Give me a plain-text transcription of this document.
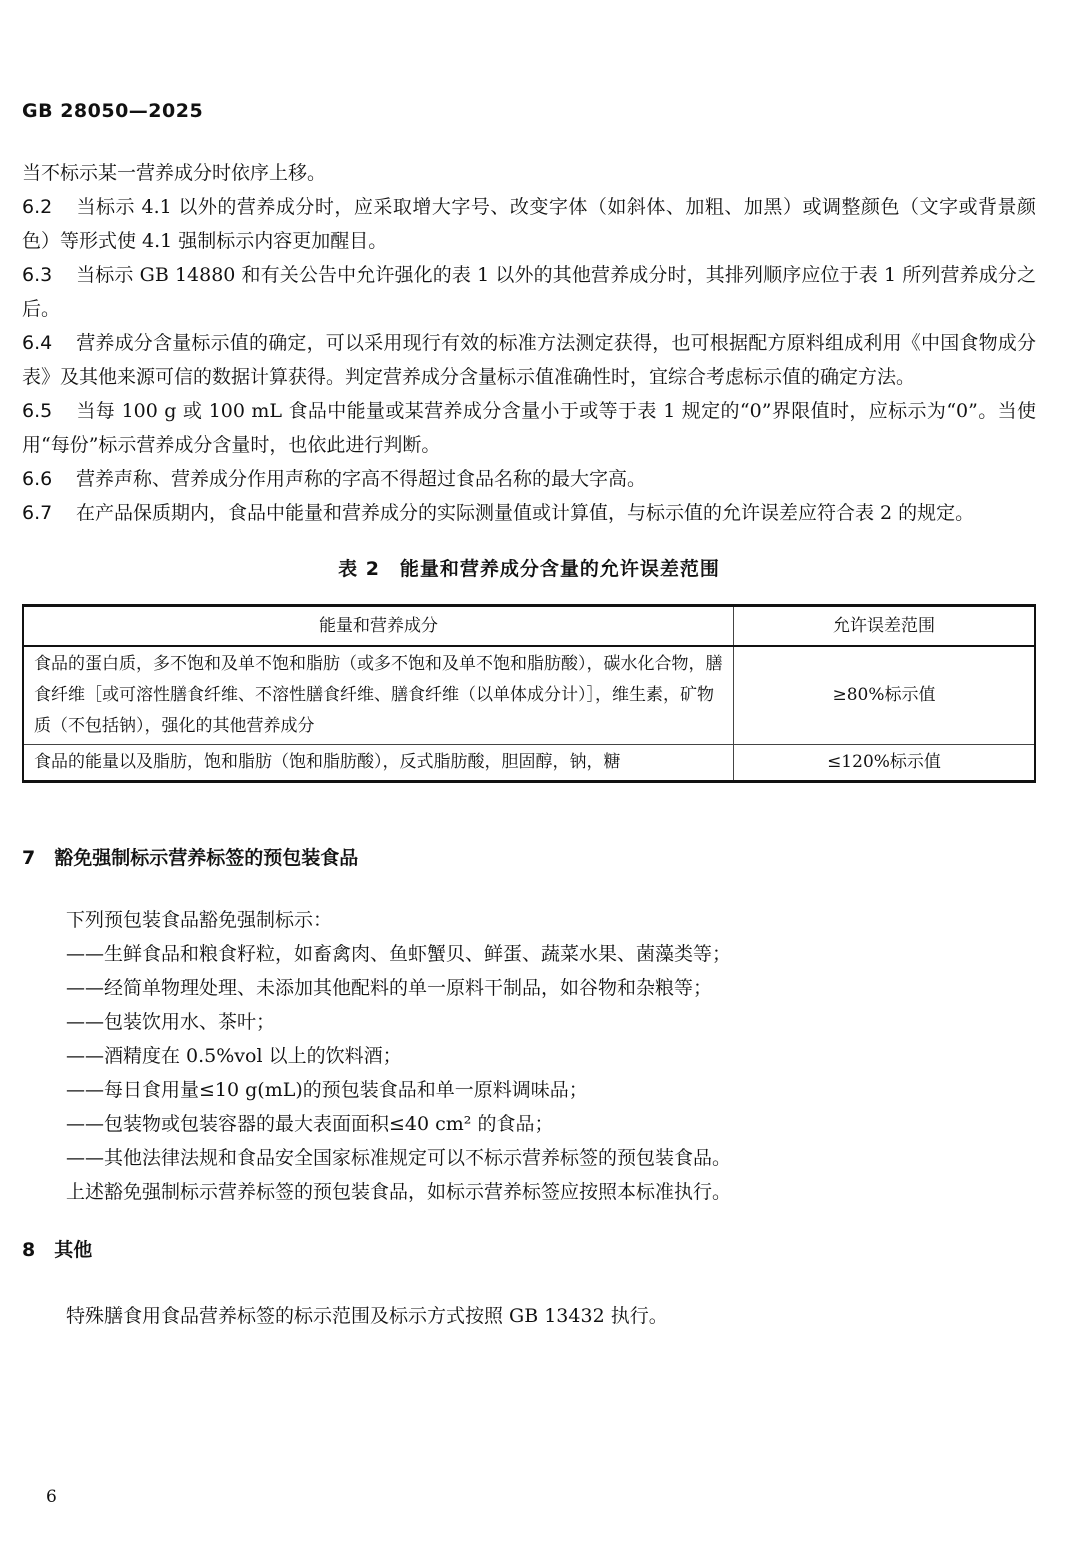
GB 28050—2025

当不标示某一营养成分时依序上移。

6.2 当标示 4.1 以外的营养成分时，应采取增大字号、改变字体（如斜体、加粗、加黑）或调整颜色（文字或背景颜色）等形式使 4.1 强制标示内容更加醒目。

6.3 当标示 GB 14880 和有关公告中允许强化的表 1 以外的其他营养成分时，其排列顺序应位于表 1 所列营养成分之后。

6.4 营养成分含量标示值的确定，可以采用现行有效的标准方法测定获得，也可根据配方原料组成利用《中国食物成分表》及其他来源可信的数据计算获得。判定营养成分含量标示值准确性时，宜综合考虑标示值的确定方法。

6.5 当每 100 g 或 100 mL 食品中能量或某营养成分含量小于或等于表 1 规定的“0”界限值时，应标示为“0”。当使用“每份”标示营养成分含量时，也依此进行判断。

6.6 营养声称、营养成分作用声称的字高不得超过食品名称的最大字高。

6.7 在产品保质期内，食品中能量和营养成分的实际测量值或计算值，与标示值的允许误差应符合表 2 的规定。

表 2　能量和营养成分含量的允许误差范围
能量和营养成分	允许误差范围
食品的蛋白质，多不饱和及单不饱和脂肪（或多不饱和及单不饱和脂肪酸），碳水化合物，膳食纤维［或可溶性膳食纤维、不溶性膳食纤维、膳食纤维（以单体成分计）］，维生素，矿物质（不包括钠），强化的其他营养成分	≥80%标示值
食品的能量以及脂肪，饱和脂肪（饱和脂肪酸），反式脂肪酸，胆固醇，钠，糖	≤120%标示值
7　豁免强制标示营养标签的预包装食品

下列预包装食品豁免强制标示：

——生鲜食品和粮食籽粒，如畜禽肉、鱼虾蟹贝、鲜蛋、蔬菜水果、菌藻类等；

——经简单物理处理、未添加其他配料的单一原料干制品，如谷物和杂粮等；

——包装饮用水、茶叶；

——酒精度在 0.5%vol 以上的饮料酒；

——每日食用量≤10 g(mL)的预包装食品和单一原料调味品；

——包装物或包装容器的最大表面面积≤40 cm² 的食品；

——其他法律法规和食品安全国家标准规定可以不标示营养标签的预包装食品。

上述豁免强制标示营养标签的预包装食品，如标示营养标签应按照本标准执行。

8　其他

特殊膳食用食品营养标签的标示范围及标示方式按照 GB 13432 执行。

6
